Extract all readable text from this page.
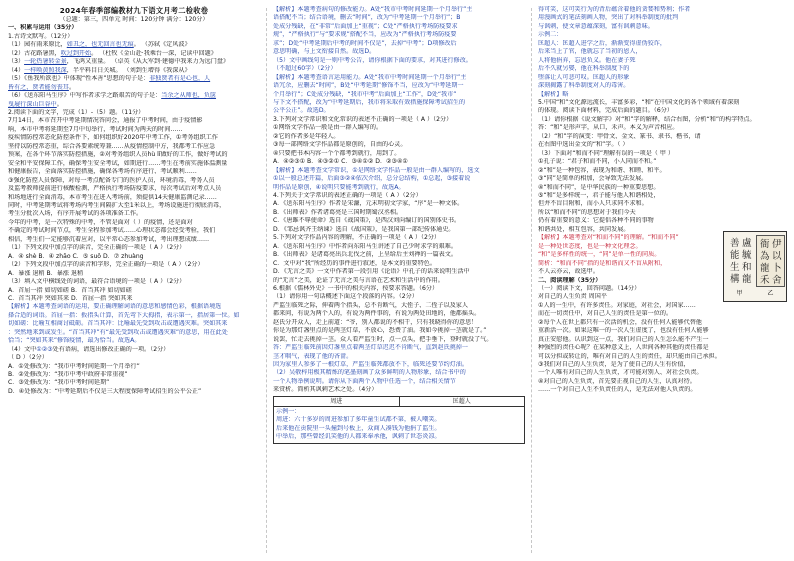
2024年春季部编教材九下语文月考二检收卷

（总题：第三，四单元 时间：120分钟 满分：120分）

一、积累与运用（35分）

1.古诗文默写。（12分）

（1）园有雨来原比，如丑之，也无回言也无痕。 （苏轼《定风波》

（2）古花路暑黑，吹过到开始。 （杜牧《金山赴·我乘台一深，记读中回题》

（3）一轮热暑转金景，飞鸿又重量。 （卓英《从大军到·建德中我来力为远门盘》

（4）一样唤黄照我深，半平料目日关城。 （刘到生增得《我深从》

（5）《鱼我所欲也》中体现“性本善”思想的句子是：非独贤者有是心也，人

皆有之，贤者能勿丧耳。

（6）《送东阳马生序》中写作者求学之路艰苦的句子是：当余之从师也，负箧

曳屣行深山巨谷中。

2.阅读下面的文字，完成（1）-（5）题。（11分）

7月14日，本市召开中考延期情况答问会，通报了中考时间，由于疫情影

响，本市中考将延期至7月中旬举行，考试时间为两天的时间……

疫疾情防控常态化防控条件下，如何组织好2020年中考工作，①考务组织工作

坚持以防控常态重，综合各要素统筹兼……从疫情控制中方，我都考工作应急

预案，在各个环节落实防控措施，②对考务组织人员hù lǐ做好的工作，做好考试的

安全和平安保障工作，确保考生安全考试，如期进行……考生在考前实施体温测量

和健康报告，全面落实防控措施，确保各考场有序进行、考试顺利……

③强化防控人员保障，对每一考点配备专门的医护人员，环境消毒，考务人员

及监考教师提前进行核酸检测，严格执行考场防疫要求，每次考试后对考点人员

和场地进行全面消毒，本市考生在进入考场前，须提供14天健康监测记录……

同时，中考延期考试将考场内考生间隔扩大至1米以上，考场设施进行彻底消毒，

考生分批次入场，有序开展考试的各项准备工作。

今年的中考，是一次特殊的中考，不管是面对（ ）的疫情，还是面对

不确定的考试时间节点，考生全程参加考试……心理状态都会经受考验，我们

相信，考生们一定能够沉着应对，以平常心态参加考试，考出理想成绩……

（1）下列文段中加点字的读音，完全正确的一项是（ A ）（2分）

A．④ shè B．④ zhāo C．⑤ suǒ D．⑦ zhuàng

（2）下列文段中加点字的读音和字形，完全正确的一项是（ A ）（2分）

A．暴涨 退稍 B．暴涨 退稍

（3）填入文中横线处的词语，最符合语境的一项是（ A ）（2分）

A．首屈一指 如切如磋 B．首当其冲 如切如磋

C．首当其冲 突如其来 D．首屈一指 突如其来

【解析】本题考查词语的运用，要正确理解词语的意思和感情色彩，根据语境选

择合适的词语。首屈一指：扳指头计算，首先弯下大拇指，表示第一，指居第一位。如

切如磋：比喻互相商讨砥砺。首当其冲：比喻最先受到攻击或遭遇灾难。突如其来

：突然地来到或发生。“首当其冲”有“最先受到攻击或遭遇灾难”的意思，用在此处

恰当；“突如其来”修饰疫情，最为恰当。故选A。

（4）文中①②③处有语病，请选出修改正确的一项。（2分）

（ D ）（2分）

A．①处修改为：“我市中考时间延期一个月举行”

B．②处修改为：“我市中考中政府非常重视”

C．③处修改为：“我市中考时间延期”

D．④处修改为：“中考延期后不仅是三大程度保障考试招生的公平公正”

【解析】本题考查病句的修改能力。A处“我市中考时间延期一个月举行”主

语搭配不当；结合语境，删去“时间”，改为“中考延期一个月举行”；B

处成分残缺，在“非常”后面加上“重视”；C处“严格执行考场防疫要求

规”，“严格执行”与“要求规”搭配不当，应改为“严格执行考场防疫要

求”；D处“中考延期后中考的时间不仅是”，去掉“中考”；D项修改后

意思明确，与上文衔接自然。故选D。

（5）文中画线句是一则中考公告，请你根据下面的要求，对其进行修改。

（不超过60字）（2分）

【解析】本题考查语言运用能力。A处“我市中考时间延期一个月举行”主

语冗余，应删去“时间”，B处“中考延期”修饰不当，应改为“中考延期一

个月举行”；C处成分残缺，“我市中考”后面加上“工作”，D处“我市”

与下文不搭配，改为“中考延期后，我市将采取有效措施保障考试招生的

公平公正”。故选D。

3.下列对文学常识和文化常识的表述不正确的一项是（ A ）（2分）

①网络文学作品一般是由一群人编写的。

②它的作者多是年轻人。

③每一部网络文学作品都是原创的，自由的心灵。

④只要把书本内容一个个都考到就行，用到了。

A．④②③① B．④③②① C．③④①② D．②③④①

【解析】本题考查文学常识，①是网络文学作品一般是由一群人编写的，选文

①以一般总述开篇，后面③②④依次介绍，总分总结构，①总起，③接着说

明作品是原创，④说明只要能考到就行，故选A。

4.下列关于文学常识的表述正确的一项是（ A ）（2分）

A．《送东阳马生序》作者是宋濂，元末明初文学家，“序”是一种文体。

B．《出师表》作者诸葛亮是三国时期蜀汉丞相。

C．《唐雎不辱使命》选自《战国策》，是西汉刘向编订的国别体史书。

D．《邹忌讽齐王纳谏》选自《战国策》，是我国第一部纪传体通史。

5.下列对文学作品内容的理解，不正确的一项是（ A ）（2分）

A．《送东阳马生序》中作者向东阳马生讲述了自己少时求学的艰难。

B．《出师表》是诸葛亮出兵北伐之前，上呈给后主刘禅的一篇表文。

C．文中对“我”所经历的事件进行叙述，是本文的重要特色。

D．《无言之美》一文中作者第一段引用《论语》中孔子的话来说明生活中

的“无言”之美，论证了无言之美与言语在艺术和生活中的作用。

6.根据《儒林外史》一书中的相关内容，按要求答题。（6分）

（1）请你用一句话概述下面这个段落的内容。（2分）

严监生临死之际，伸着两个指头，总不肯断气，大侄子、二侄子以及家人

都来问，有说为两个人的，有说为两件事的，有说为两处田地的，他都摇头。

赵氏分开众人，走上前道：“爷，别人都说的不相干，只有我晓得你的意思！

你是为那灯盏里点的是两茎灯草，不放心，恐费了油。我如今挑掉一茎就是了。”

说罢，忙走去挑掉一茎。众人看严监生时，点一点头，把手垂下，登时就没了气。

答：严监生临死前因灯盏里点着两茎灯草迟迟不肯断气，直到赵氏挑掉一

茎才咽气，表现了他的吝啬。

因为家里人参多了一根灯草，严监生临死都放不下，临死还要节约灯油。

（2）吴敬梓用极其精炼的笔墨刻画了众多鲜明的人物形象，结合书中的

一个人物举例说明。请你从下面两个人物中任选一个，结合相关情节

来赏析。简析其讽刺艺术之处。（4分）

周进	匡超人

示例一：

周进：六十多岁的周进参加了多年童生试都不第，被人嘲笑。

后来他在贡院里一头撞到号板上，众商人凑钱为他捐了监生。

中举后，那些曾经讥笑他的人都来奉承他，讽刺了世态炎凉。

得可笑，这可笑行为的背后蕴含着他的贪婪和势利；作者

用漫画式的笔法刻画人物，突出了对科举制度的批判

与讽刺，使文章意蕴深刻，富有讽刺意味。

示例二：

匡超人：匡超人进学之后，渐渐变得虚伪狡诈，

后来当上了官，他就忘了当初的恩人，

人将他捐弃，忘恩负义。他在妻子死

后不久就另娶，他在科举制度下的

堕落让人可悲可叹。匡超人的形象

深刻揭露了科举制度对人的毒害。

【解析】略

5.中国“和”文化源远流长，丰富多彩，“和”在中国文化的各个领域有着深刻

的体现。阅读下面材料，完成后面的题目。（6分）

（1）请你根据《说文解字》对“和”字的解释，结合右图，分析“和”的构字特点。

答：“和”是形声字，从口，禾声。本义为声音相应。

（2）“和”字的演变：甲骨文、金文、篆书、隶书、楷书，请

在右图中选出金文的“和”字。（ ）

（3）下面对“和而不同”理解有误的一项是（ 甲 ）

①孔子说：“君子和而不同，小人同而不和。”

②“和”是一种包容，表现为和谐、和睦、和平。

③“同”是简单的相加，会导致无法发展。

④“和而不同”，是中华民族的一种重要思想。

⑤“和”是多样统一，君子能与他人和谐相处，

但并不盲目附和，而小人只求同不求和。

所以“和而不同”的思想对于我们今天

仍有着重要的意义：它提倡各种不同的事物

和谐共处，相互包容，共同发展。

【解析】本题考查对“和而不同”的理解。“和而不同”

是一种处世态度，也是一种文化理念。

“和”是多样性的统一，“同”是单一性的同质。

简析：“和而不同”指的是和谐而又不盲从附和，

不人云亦云，故选甲。

二、阅读理解（35分）

（一）阅读下文，回答问题。（14分）

对自己的人生负责 周国平

①人的一生中，有许多责任。对家庭，对社会，对国家……

而在一切责任中，对自己人生的责任是第一位的。

②每个人在世上都只有一次活的机会，没有任何人能够代替他

重新活一次。如果这唯一的一次人生虚度了，也没有任何人能够

真正安慰他。认识到这一点，我们对自己的人生怎么能不产生一

种强烈的责任心呢？在某种意义上，人世间各种其他的责任都是

可以分担或转让的，唯有对自己的人生的责任，却只能由自己承担。

③我们对自己的人生负责，是为了使自己的人生有价值，

一个人唯有对自己的人生负责，才可能对别人、对社会负责。

④对自己的人生负责，首先要正视自己的人生，认真对待。

……一个对自己人生不负责任的人，是无法对他人负责的。

盧
毓
和
龍
善
能
生
構
伊
以
卜
舍
衙
為
龍
禾
甲	乙
